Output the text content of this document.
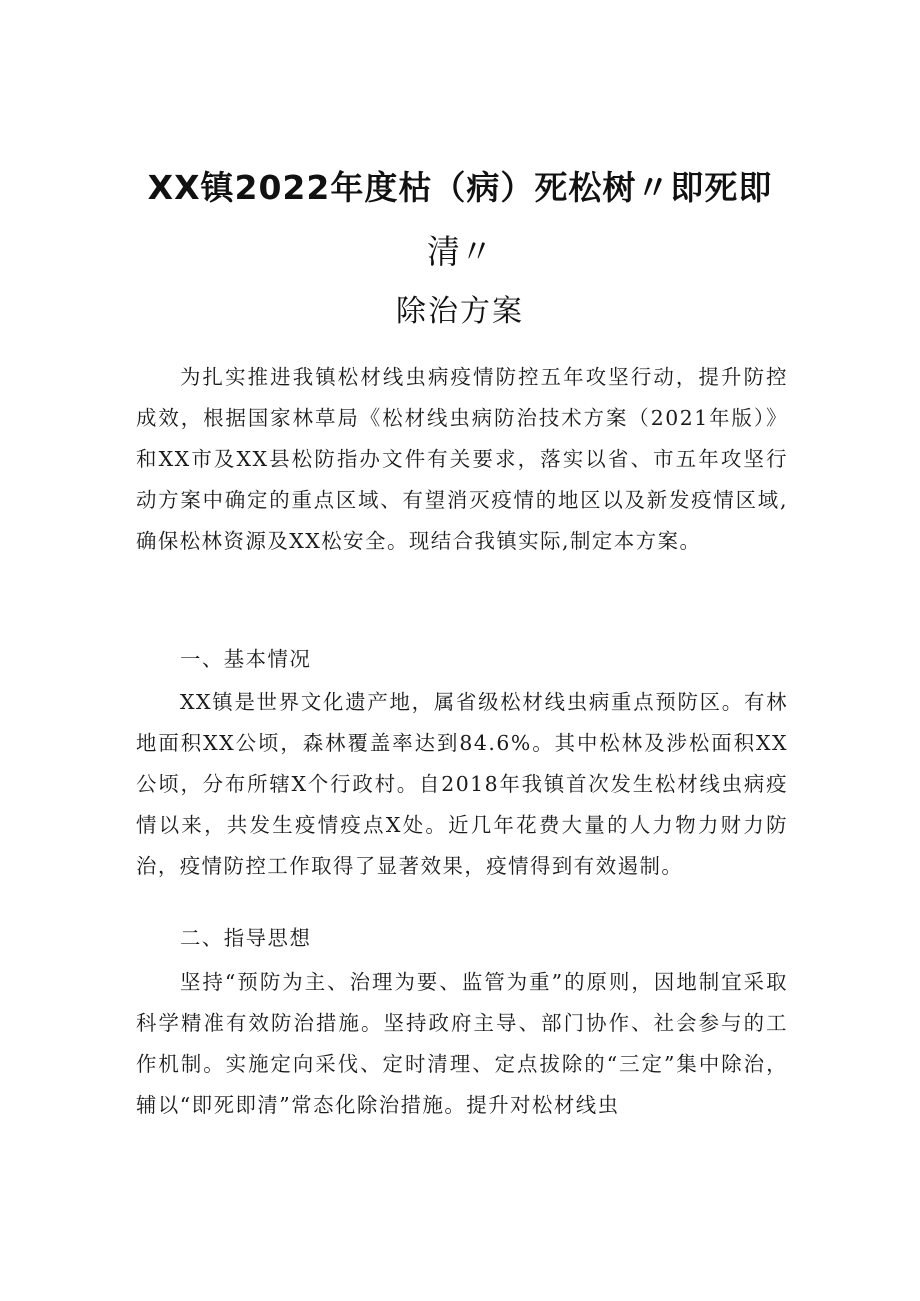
XX镇2022年度枯（病）死松树〃即死即
清〃
除治方案

为扎实推进我镇松材线虫病疫情防控五年攻坚行动，提升防控成效，根据国家林草局《松材线虫病防治技术方案（2021年版）》和XX市及XX县松防指办文件有关要求，落实以省、市五年攻坚行动方案中确定的重点区域、有望消灭疫情的地区以及新发疫情区域,确保松林资源及XX松安全。现结合我镇实际,制定本方案。

一、基本情况

XX镇是世界文化遗产地，属省级松材线虫病重点预防区。有林地面积XX公顷，森林覆盖率达到84.6%。其中松林及涉松面积XX公顷，分布所辖X个行政村。自2018年我镇首次发生松材线虫病疫情以来，共发生疫情疫点X处。近几年花费大量的人力物力财力防治，疫情防控工作取得了显著效果，疫情得到有效遏制。

二、指导思想

坚持“预防为主、治理为要、监管为重”的原则，因地制宜采取科学精准有效防治措施。坚持政府主导、部门协作、社会参与的工作机制。实施定向采伐、定时清理、定点拔除的“三定”集中除治，辅以“即死即清”常态化除治措施。提升对松材线虫
